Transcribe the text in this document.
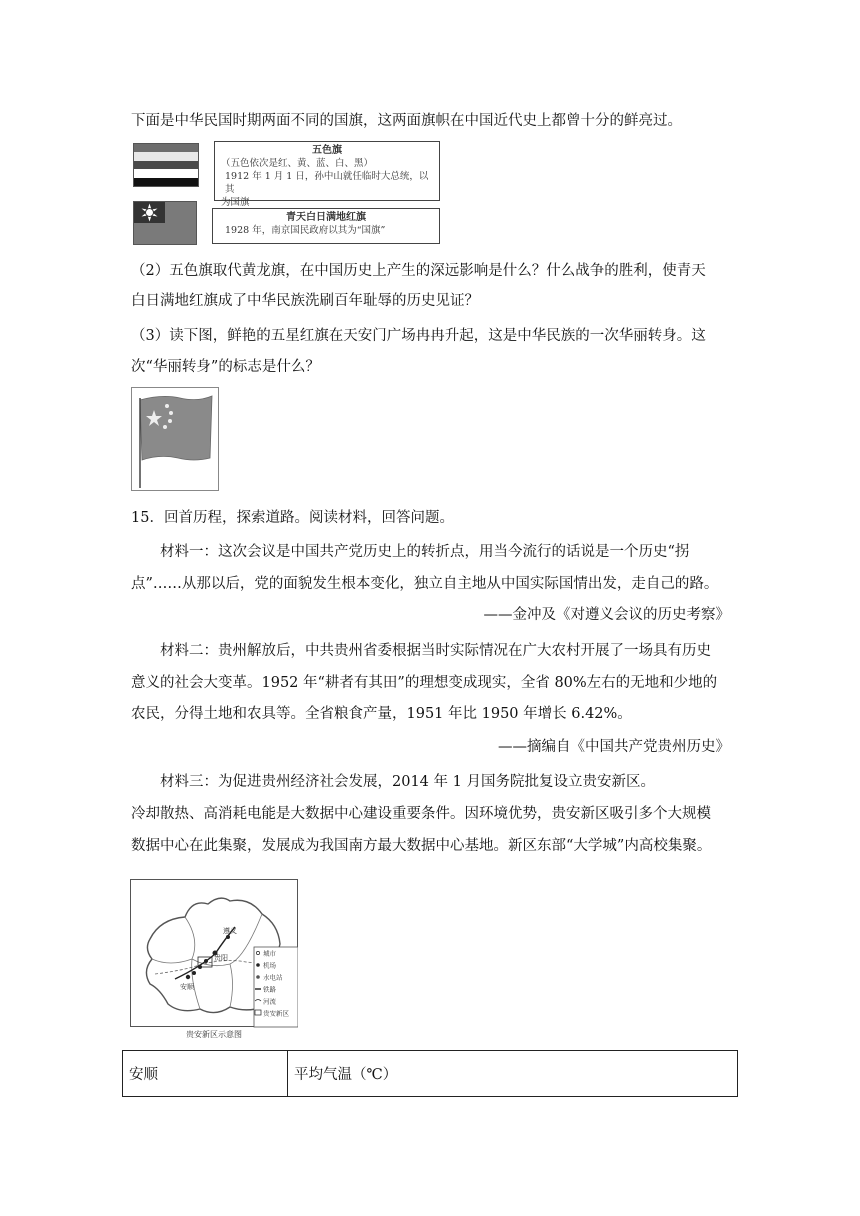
下面是中华民国时期两面不同的国旗，这两面旗帜在中国近代史上都曾十分的鲜亮过。
五色旗
（五色依次是红、黄、蓝、白、黑）
1912 年 1 月 1 日，孙中山就任临时大总统，以其
为国旗
青天白日满地红旗
1928 年，南京国民政府以其为“国旗”
（2）五色旗取代黄龙旗，在中国历史上产生的深远影响是什么？什么战争的胜利，使青天
白日满地红旗成了中华民族洗刷百年耻辱的历史见证？
（3）读下图，鲜艳的五星红旗在天安门广场冉冉升起，这是中华民族的一次华丽转身。这
次“华丽转身”的标志是什么？
15．回首历程，探索道路。阅读材料，回答问题。
材料一：这次会议是中国共产党历史上的转折点，用当今流行的话说是一个历史“拐
点”……从那以后，党的面貌发生根本变化，独立自主地从中国实际国情出发，走自己的路。
——金冲及《对遵义会议的历史考察》
材料二：贵州解放后，中共贵州省委根据当时实际情况在广大农村开展了一场具有历史
意义的社会大变革。1952 年“耕者有其田”的理想变成现实，全省 80%左右的无地和少地的
农民，分得土地和农具等。全省粮食产量，1951 年比 1950 年增长 6.42%。
——摘编自《中国共产党贵州历史》
材料三：为促进贵州经济社会发展，2014 年 1 月国务院批复设立贵安新区。
冷却散热、高消耗电能是大数据中心建设重要条件。因环境优势，贵安新区吸引多个大规模
数据中心在此集聚，发展成为我国南方最大数据中心基地。新区东部“大学城”内高校集聚。
遵义
贵阳
安顺
城市
机场
水电站
铁路
河流
贵安新区
贵安新区示意图
安顺	平均气温（℃）
